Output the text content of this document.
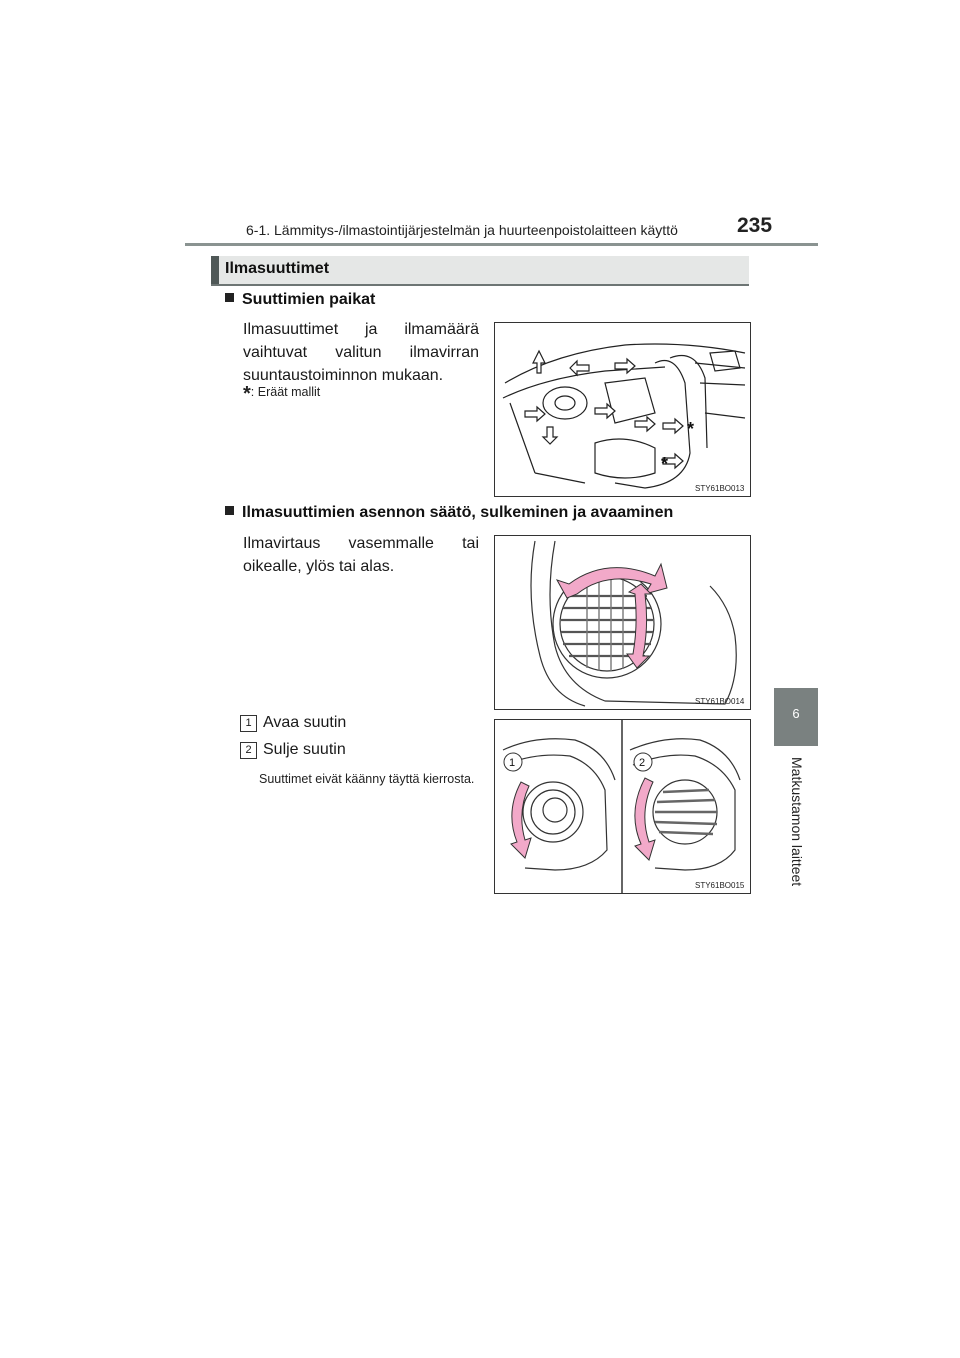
6-1. Lämmitys-/ilmastointijärjestelmän ja huurteenpoistolaitteen käyttö	235
6
Matkustamon laitteet
Ilmasuuttimet
Suuttimien paikat
Ilmasuuttimet ja ilmamäärä vaihtuvat valitun ilmavirran suuntaustoiminnon mukaan.
*: Eräät mallit
*
*
STY61BO013
Ilmasuuttimien asennon säätö, sulkeminen ja avaaminen
Ilmavirtaus vasemmalle tai oikealle, ylös tai alas.
STY61BO014
1 Avaa suutin
2 Sulje suutin
Suuttimet eivät käänny täyttä kierrosta.
1	2
STY61BO015
